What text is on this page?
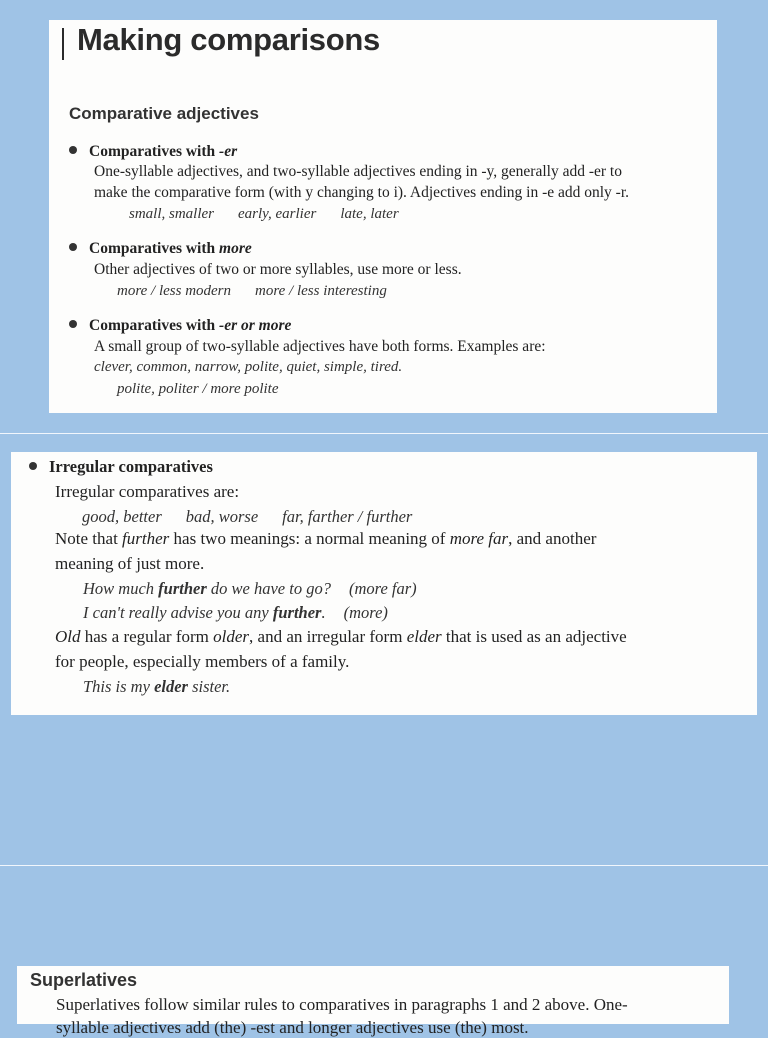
Making comparisons
Comparative adjectives
Comparatives with -er
One-syllable adjectives, and two-syllable adjectives ending in -y, generally add -er to
make the comparative form (with y changing to i). Adjectives ending in -e add only -r.
small, smaller early, earlier late, later
Comparatives with more
Other adjectives of two or more syllables, use more or less.
more / less modern more / less interesting
Comparatives with -er or more
A small group of two-syllable adjectives have both forms. Examples are:
clever, common, narrow, polite, quiet, simple, tired.
polite, politer / more polite
Irregular comparatives
Irregular comparatives are:
good, better bad, worse far, farther / further
Note that further has two meanings: a normal meaning of more far, and another
meaning of just more.
How much further do we have to go? (more far)
I can't really advise you any further. (more)
Old has a regular form older, and an irregular form elder that is used as an adjective
for people, especially members of a family.
This is my elder sister.
Superlatives
Superlatives follow similar rules to comparatives in paragraphs 1 and 2 above. One-
syllable adjectives add (the) -est and longer adjectives use (the) most.
